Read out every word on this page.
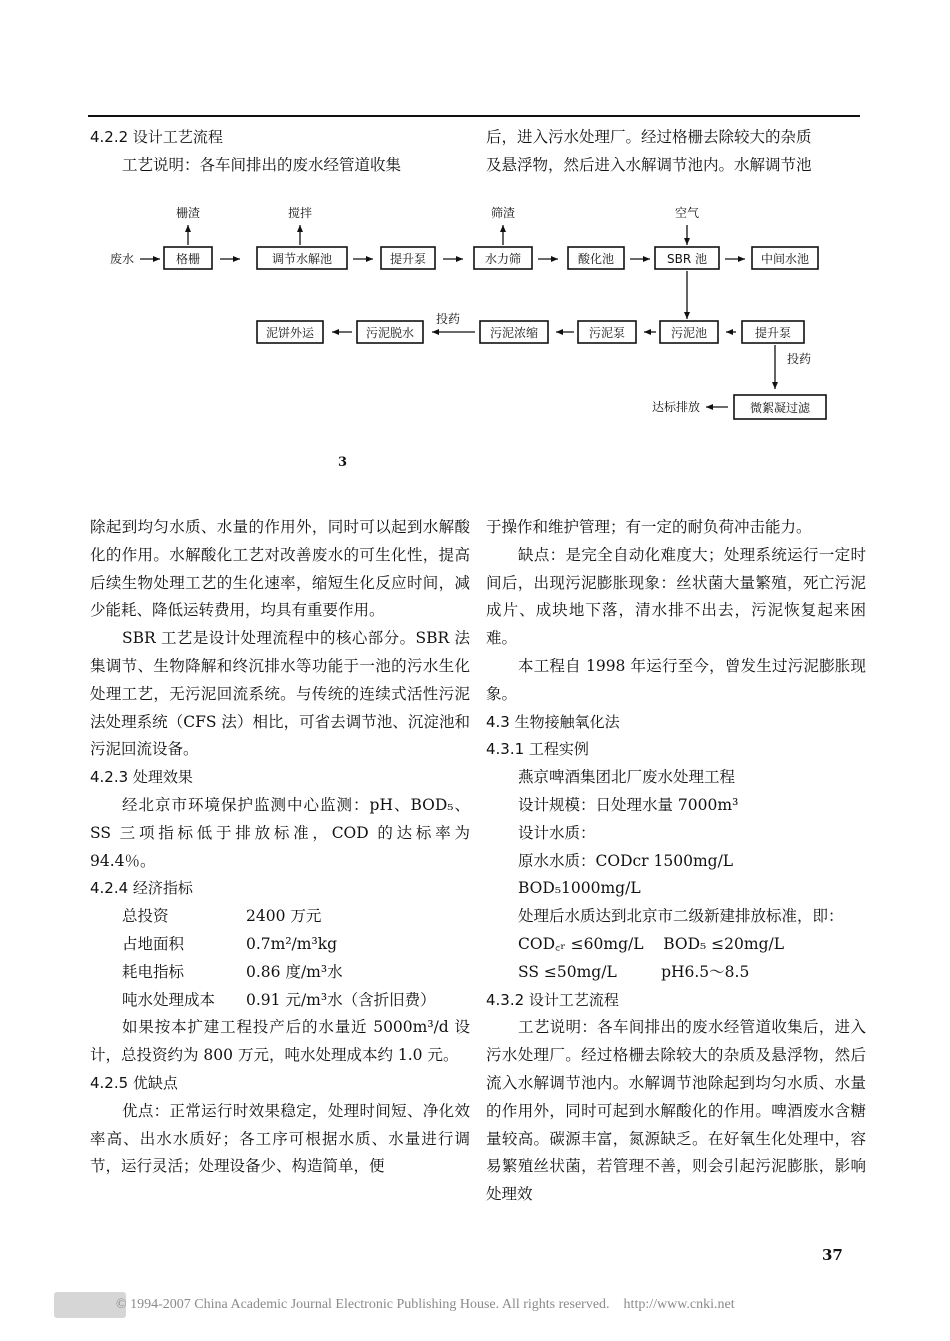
4.2.2 设计工艺流程

工艺说明：各车间排出的废水经管道收集

后，进入污水处理厂。经过格栅去除较大的杂质

及悬浮物，然后进入水解调节池内。水解调节池

废水	格栅	调节水解池	提升泵	水力筛	酸化池	SBR 池	中间水池
栅渣	搅拌	筛渣	空气
泥饼外运	污泥脱水
投药
污泥浓缩	污泥泵	污泥池	提升泵
投药
微絮凝过滤
达标排放
3

除起到均匀水质、水量的作用外，同时可以起到水解酸化的作用。水解酸化工艺对改善废水的可生化性，提高后续生物处理工艺的生化速率，缩短生化反应时间，减少能耗、降低运转费用，均具有重要作用。

SBR 工艺是设计处理流程中的核心部分。SBR 法集调节、生物降解和终沉排水等功能于一池的污水生化处理工艺，无污泥回流系统。与传统的连续式活性污泥法处理系统（CFS 法）相比，可省去调节池、沉淀池和污泥回流设备。

4.2.3 处理效果

经北京市环境保护监测中心监测：pH、BOD₅、SS 三项指标低于排放标准，COD 的达标率为 94.4％。

4.2.4 经济指标

总投资	2400 万元

占地面积	0.7m²/m³kg

耗电指标	0.86 度/m³水

吨水处理成本 0.91 元/m³水（含折旧费）

如果按本扩建工程投产后的水量近 5000m³/d 设计，总投资约为 800 万元，吨水处理成本约 1.0 元。

4.2.5 优缺点

优点：正常运行时效果稳定，处理时间短、净化效率高、出水水质好；各工序可根据水质、水量进行调节，运行灵活；处理设备少、构造简单，便

于操作和维护管理；有一定的耐负荷冲击能力。

缺点：是完全自动化难度大；处理系统运行一定时间后，出现污泥膨胀现象：丝状菌大量繁殖，死亡污泥成片、成块地下落，清水排不出去，污泥恢复起来困难。

本工程自 1998 年运行至今，曾发生过污泥膨胀现象。

4.3 生物接触氧化法

4.3.1 工程实例

燕京啤酒集团北厂废水处理工程

设计规模：日处理水量 7000m³

设计水质：

原水水质：CODcr 1500mg/L

BOD₅1000mg/L

处理后水质达到北京市二级新建排放标准，即：

COD꜀ᵣ ≤60mg/L    BOD₅ ≤20mg/L

SS ≤50mg/L         pH6.5～8.5

4.3.2 设计工艺流程

工艺说明：各车间排出的废水经管道收集后，进入污水处理厂。经过格栅去除较大的杂质及悬浮物，然后流入水解调节池内。水解调节池除起到均匀水质、水量的作用外，同时可起到水解酸化的作用。啤酒废水含糖量较高。碳源丰富，氮源缺乏。在好氧生化处理中，容易繁殖丝状菌，若管理不善，则会引起污泥膨胀，影响处理效

37
© 1994-2007 China Academic Journal Electronic Publishing House. All rights reserved.    http://www.cnki.net
